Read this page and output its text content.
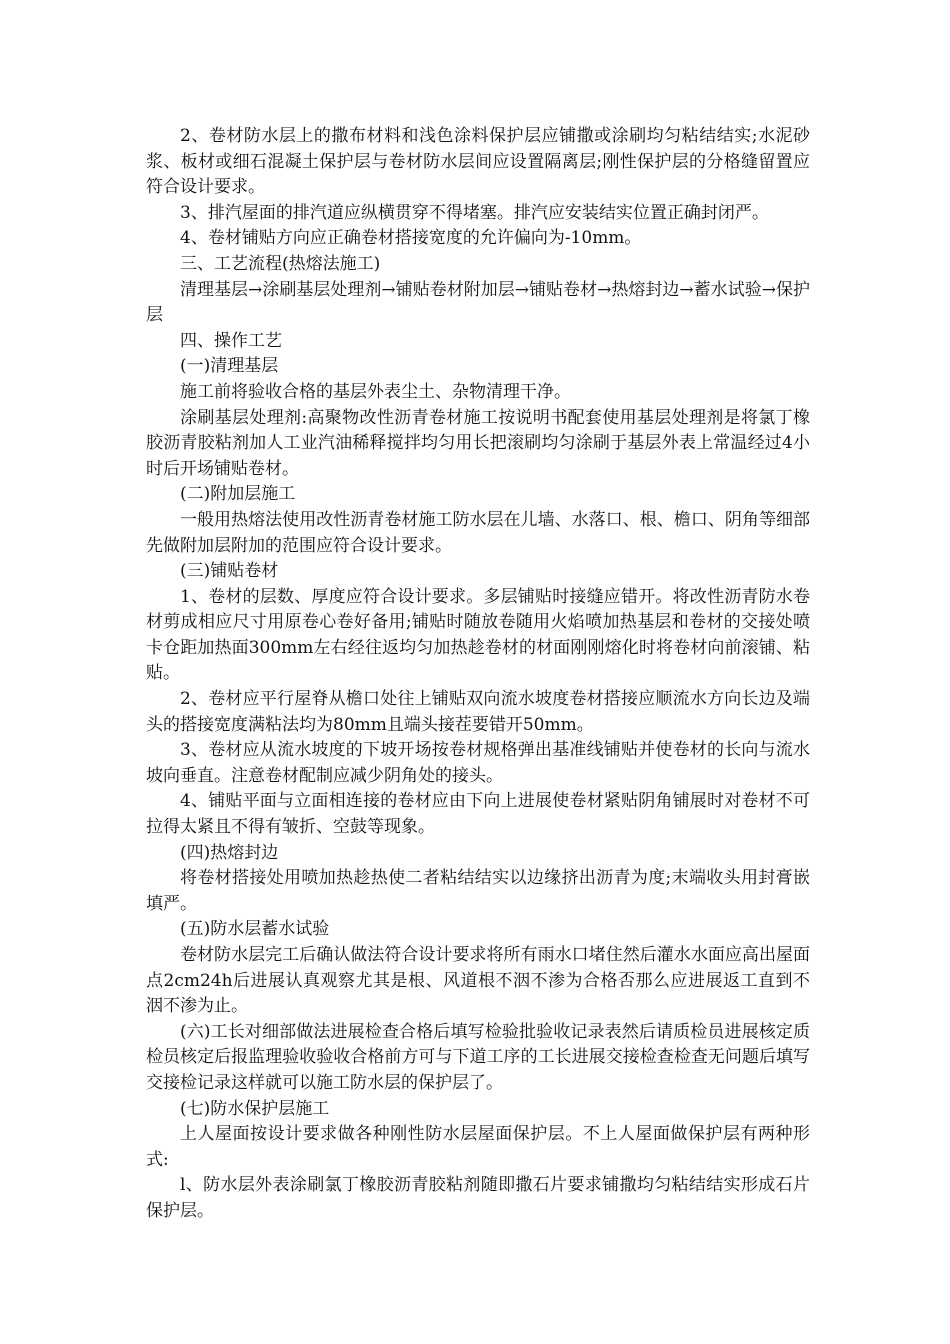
2、卷材防水层上的撒布材料和浅色涂料保护层应铺撒或涂刷均匀粘结结实;水泥砂浆、板材或细石混凝土保护层与卷材防水层间应设置隔离层;刚性保护层的分格缝留置应符合设计要求。

3、排汽屋面的排汽道应纵横贯穿不得堵塞。排汽应安装结实位置正确封闭严。

4、卷材铺贴方向应正确卷材搭接宽度的允许偏向为-10mm。

三、工艺流程(热熔法施工)

清理基层→涂刷基层处理剂→铺贴卷材附加层→铺贴卷材→热熔封边→蓄水试验→保护层

四、操作工艺

(一)清理基层

施工前将验收合格的基层外表尘土、杂物清理干净。

涂刷基层处理剂:高聚物改性沥青卷材施工按说明书配套使用基层处理剂是将氯丁橡胶沥青胶粘剂加人工业汽油稀释搅拌均匀用长把滚刷均匀涂刷于基层外表上常温经过4小时后开场铺贴卷材。

(二)附加层施工

一般用热熔法使用改性沥青卷材施工防水层在儿墙、水落口、根、檐口、阴角等细部先做附加层附加的范围应符合设计要求。

(三)铺贴卷材

1、卷材的层数、厚度应符合设计要求。多层铺贴时接缝应错开。将改性沥青防水卷材剪成相应尺寸用原卷心卷好备用;铺贴时随放卷随用火焰喷加热基层和卷材的交接处喷卡仓距加热面300mm左右经往返均匀加热趁卷材的材面刚刚熔化时将卷材向前滚铺、粘贴。

2、卷材应平行屋脊从檐口处往上铺贴双向流水坡度卷材搭接应顺流水方向长边及端头的搭接宽度满粘法均为80mm且端头接茬要错开50mm。

3、卷材应从流水坡度的下坡开场按卷材规格弹出基准线铺贴并使卷材的长向与流水坡向垂直。注意卷材配制应减少阴角处的接头。

4、铺贴平面与立面相连接的卷材应由下向上进展使卷材紧贴阴角铺展时对卷材不可拉得太紧且不得有皱折、空鼓等现象。

(四)热熔封边

将卷材搭接处用喷加热趁热使二者粘结结实以边缘挤出沥青为度;末端收头用封膏嵌填严。

(五)防水层蓄水试验

卷材防水层完工后确认做法符合设计要求将所有雨水口堵住然后灌水水面应高出屋面点2cm24h后进展认真观察尤其是根、风道根不洇不渗为合格否那么应进展返工直到不洇不渗为止。

(六)工长对细部做法进展检查合格后填写检验批验收记录表然后请质检员进展核定质检员核定后报监理验收验收合格前方可与下道工序的工长进展交接检查检查无问题后填写交接检记录这样就可以施工防水层的保护层了。

(七)防水保护层施工

上人屋面按设计要求做各种刚性防水层屋面保护层。不上人屋面做保护层有两种形式:

l、防水层外表涂刷氯丁橡胶沥青胶粘剂随即撒石片要求铺撒均匀粘结结实形成石片保护层。
